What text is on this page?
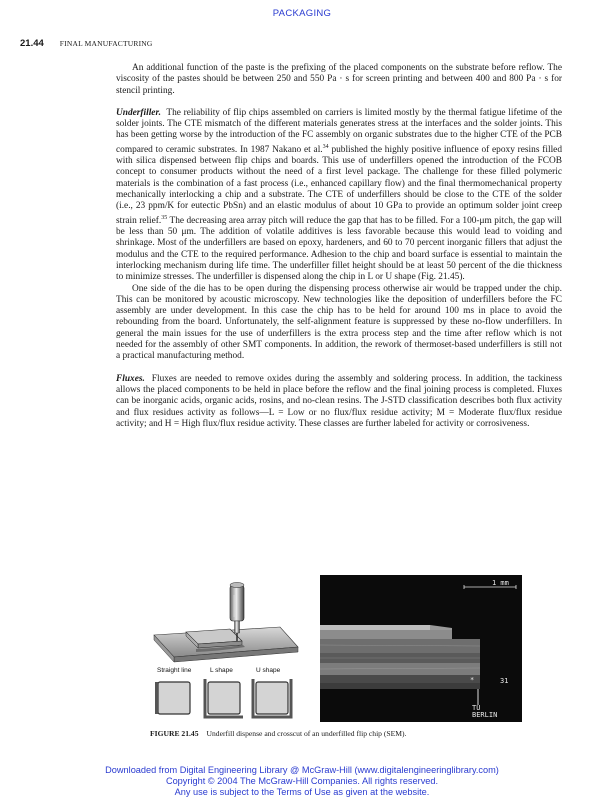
PACKAGING
21.44 FINAL MANUFACTURING

An additional function of the paste is the prefixing of the placed components on the substrate before reflow. The viscosity of the pastes should be between 250 and 550 Pa · s for screen printing and between 400 and 800 Pa · s for stencil printing.

Underfiller. The reliability of flip chips assembled on carriers is limited mostly by the thermal fatigue lifetime of the solder joints. The CTE mismatch of the different materials generates stress at the interfaces and the solder joints. This has been getting worse by the introduction of the FC assembly on organic substrates due to the higher CTE of the PCB compared to ceramic substrates. In 1987 Nakano et al.$^{34}$ published the highly positive influence of epoxy resins filled with silica dispensed between flip chips and boards. This use of underfillers opened the introduction of the FCOB concept to consumer products without the need of a first level package. The challenge for these filled polymeric materials is the combination of a fast process (i.e., enhanced capillary flow) and the final thermomechanical property mechanically interlocking a chip and a substrate. The CTE of underfillers should be close to the CTE of the solder (i.e., 23 ppm/K for eutectic PbSn) and an elastic modulus of about 10 GPa to provide an optimum solder joint creep strain relief.$^{35}$ The decreasing area array pitch will reduce the gap that has to be filled. For a 100-μm pitch, the gap will be less than 50 μm. The addition of volatile additives is less favorable because this would lead to voiding and shrinkage. Most of the underfillers are based on epoxy, hardeners, and 60 to 70 percent inorganic fillers that adjust the modulus and the CTE to the required performance. Adhesion to the chip and board surface is essential to maintain the interlocking mechanism during life time. The underfiller fillet height should be at least 50 percent of the die thickness to minimize stresses. The underfiller is dispensed along the chip in L or U shape (Fig. 21.45).

One side of the die has to be open during the dispensing process otherwise air would be trapped under the chip. This can be monitored by acoustic microscopy. New technologies like the deposition of underfillers before the FC assembly are under development. In this case the chip has to be held for around 100 ms in place to avoid the rebounding from the board. Unfortunately, the self-alignment feature is suppressed by these no-flow underfillers. In general the main issues for the use of underfillers is the extra process step and the time after reflow which is not needed for the assembly of other SMT components. In addition, the rework of thermoset-based underfillers is still not a practical manufacturing method.

Fluxes. Fluxes are needed to remove oxides during the assembly and soldering process. In addition, the tackiness allows the placed components to be held in place before the reflow and the final joining process is completed. Fluxes can be inorganic acids, organic acids, rosins, and no-clean resins. The J-STD classification describes both flux activity and flux residues activity as follows—L = Low or no flux/flux residue activity; M = Moderate flux/flux residue activity; and H = High flux/flux residue activity. These classes are further labeled for activity or corrosiveness.

Straight line	L shape	U shape
1 mm
31
*
TU
BERLIN
FIGURE 21.45 Underfill dispense and crosscut of an underfilled flip chip (SEM).
Downloaded from Digital Engineering Library @ McGraw-Hill (www.digitalengineeringlibrary.com)
Copyright © 2004 The McGraw-Hill Companies. All rights reserved.
Any use is subject to the Terms of Use as given at the website.
